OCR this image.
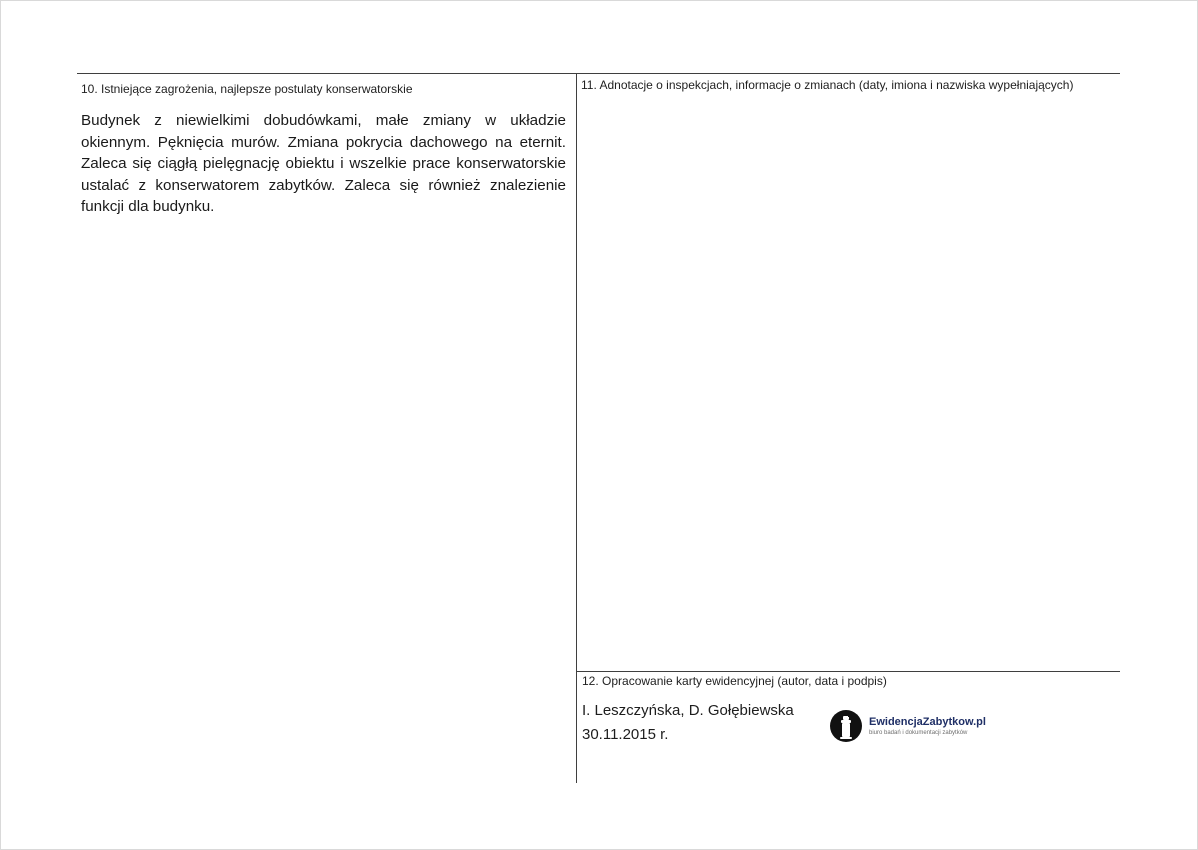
10. Istniejące zagrożenia, najlepsze postulaty konserwatorskie

Budynek z niewielkimi dobudówkami, małe zmiany w układzie okiennym. Pęknięcia murów. Zmiana pokrycia dachowego na eternit. Zaleca się ciągłą pielęgnację obiektu i wszelkie prace konserwatorskie ustalać z konserwatorem zabytków. Zaleca się również znalezienie funkcji dla budynku.

11. Adnotacje o inspekcjach, informacje o zmianach (daty, imiona i nazwiska wypełniających)
12. Opracowanie karty ewidencyjnej (autor, data i podpis)
I. Leszczyńska, D. Gołębiewska
30.11.2015 r.
EwidencjaZabytkow.pl
biuro badań i dokumentacji zabytków
